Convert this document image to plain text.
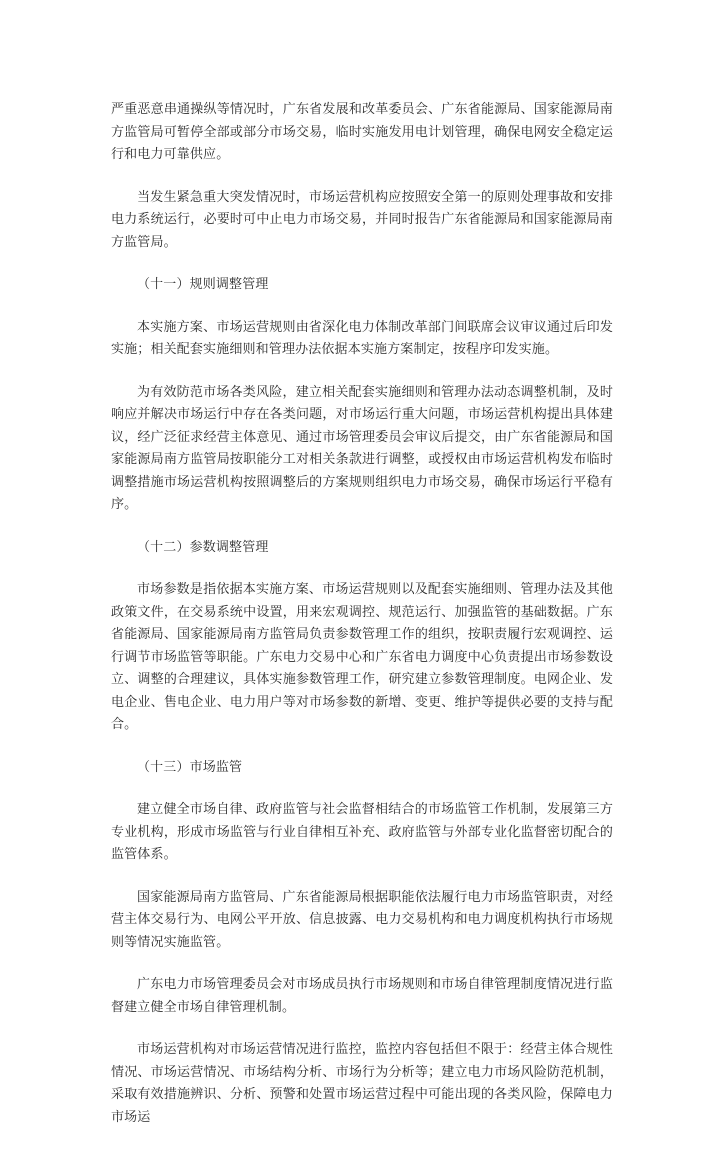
严重恶意串通操纵等情况时，广东省发展和改革委员会、广东省能源局、国家能源局南方监管局可暂停全部或部分市场交易，临时实施发用电计划管理，确保电网安全稳定运行和电力可靠供应。

当发生紧急重大突发情况时，市场运营机构应按照安全第一的原则处理事故和安排电力系统运行，必要时可中止电力市场交易，并同时报告广东省能源局和国家能源局南方监管局。

（十一）规则调整管理

本实施方案、市场运营规则由省深化电力体制改革部门间联席会议审议通过后印发实施；相关配套实施细则和管理办法依据本实施方案制定，按程序印发实施。

为有效防范市场各类风险，建立相关配套实施细则和管理办法动态调整机制，及时响应并解决市场运行中存在各类问题，对市场运行重大问题，市场运营机构提出具体建议，经广泛征求经营主体意见、通过市场管理委员会审议后提交，由广东省能源局和国家能源局南方监管局按职能分工对相关条款进行调整，或授权由市场运营机构发布临时调整措施市场运营机构按照调整后的方案规则组织电力市场交易，确保市场运行平稳有序。

（十二）参数调整管理

市场参数是指依据本实施方案、市场运营规则以及配套实施细则、管理办法及其他政策文件，在交易系统中设置，用来宏观调控、规范运行、加强监管的基础数据。广东省能源局、国家能源局南方监管局负责参数管理工作的组织，按职责履行宏观调控、运行调节市场监管等职能。广东电力交易中心和广东省电力调度中心负责提出市场参数设立、调整的合理建议，具体实施参数管理工作，研究建立参数管理制度。电网企业、发电企业、售电企业、电力用户等对市场参数的新增、变更、维护等提供必要的支持与配合。

（十三）市场监管

建立健全市场自律、政府监管与社会监督相结合的市场监管工作机制，发展第三方专业机构，形成市场监管与行业自律相互补充、政府监管与外部专业化监督密切配合的监管体系。

国家能源局南方监管局、广东省能源局根据职能依法履行电力市场监管职责，对经营主体交易行为、电网公平开放、信息披露、电力交易机构和电力调度机构执行市场规则等情况实施监管。

广东电力市场管理委员会对市场成员执行市场规则和市场自律管理制度情况进行监督建立健全市场自律管理机制。

市场运营机构对市场运营情况进行监控，监控内容包括但不限于：经营主体合规性情况、市场运营情况、市场结构分析、市场行为分析等；建立电力市场风险防范机制，采取有效措施辨识、分析、预警和处置市场运营过程中可能出现的各类风险，保障电力市场运
